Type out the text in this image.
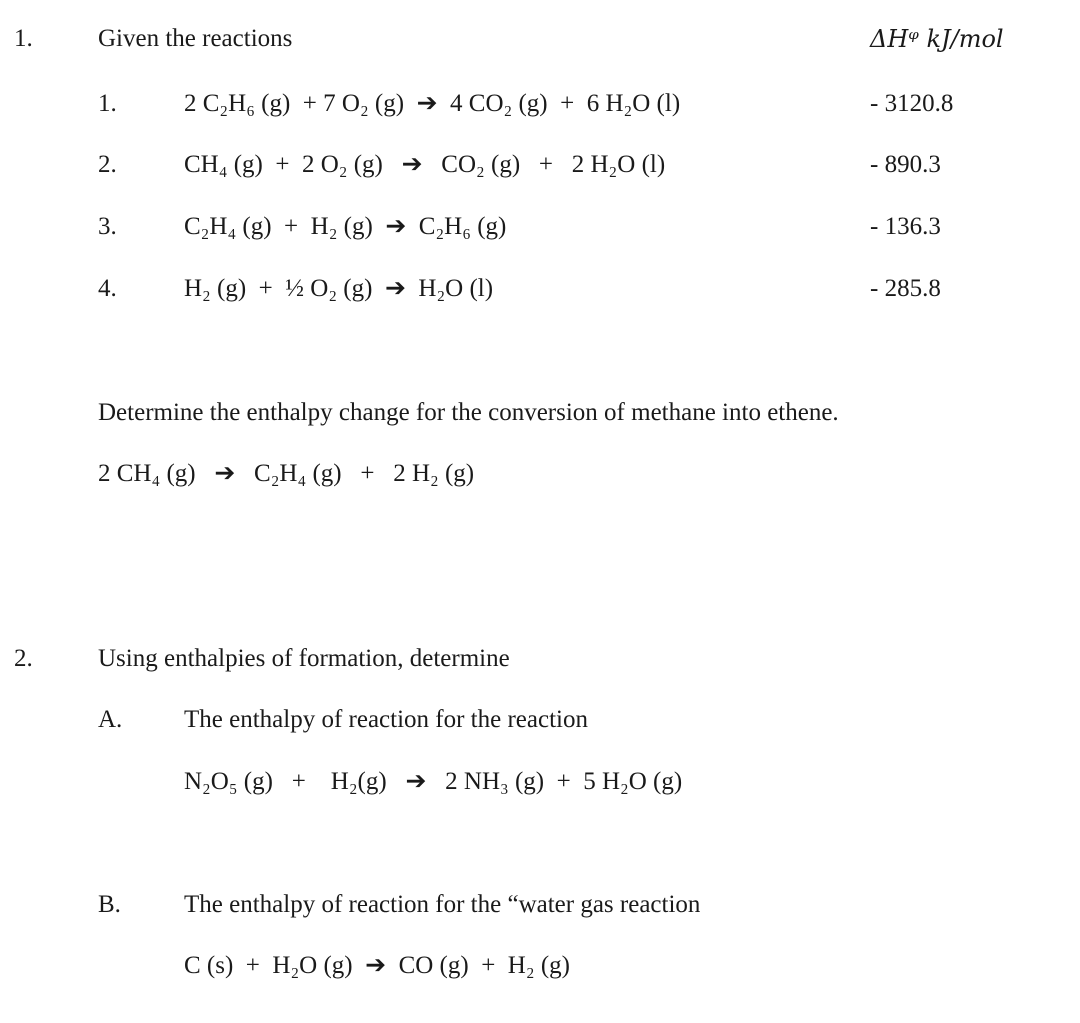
1.	Given the reactions	ΔHᵠ kJ/mol
1.	2 C₂H₆ (g)  + 7 O₂ (g)  ➔  4 CO₂ (g)  +  6 H₂O (l)	- 3120.8
2.	CH₄ (g)  +  2 O₂ (g)   ➔   CO₂ (g)   +   2 H₂O (l)	- 890.3
3.	C₂H₄ (g)  +  H₂ (g)  ➔  C₂H₆ (g)	- 136.3
4.	H₂ (g)  +  ½ O₂ (g)  ➔  H₂O (l)	- 285.8
Determine the enthalpy change for the conversion of methane into ethene.
2 CH₄ (g)   ➔   C₂H₄ (g)   +   2 H₂ (g)
2.	Using enthalpies of formation, determine
A. The enthalpy of reaction for the reaction
N₂O₅ (g)   +    H₂(g)   ➔   2 NH₃ (g)  +  5 H₂O (g)
B.	The enthalpy of reaction for the “water gas reaction
C (s)  +  H₂O (g)  ➔  CO (g)  +  H₂ (g)
